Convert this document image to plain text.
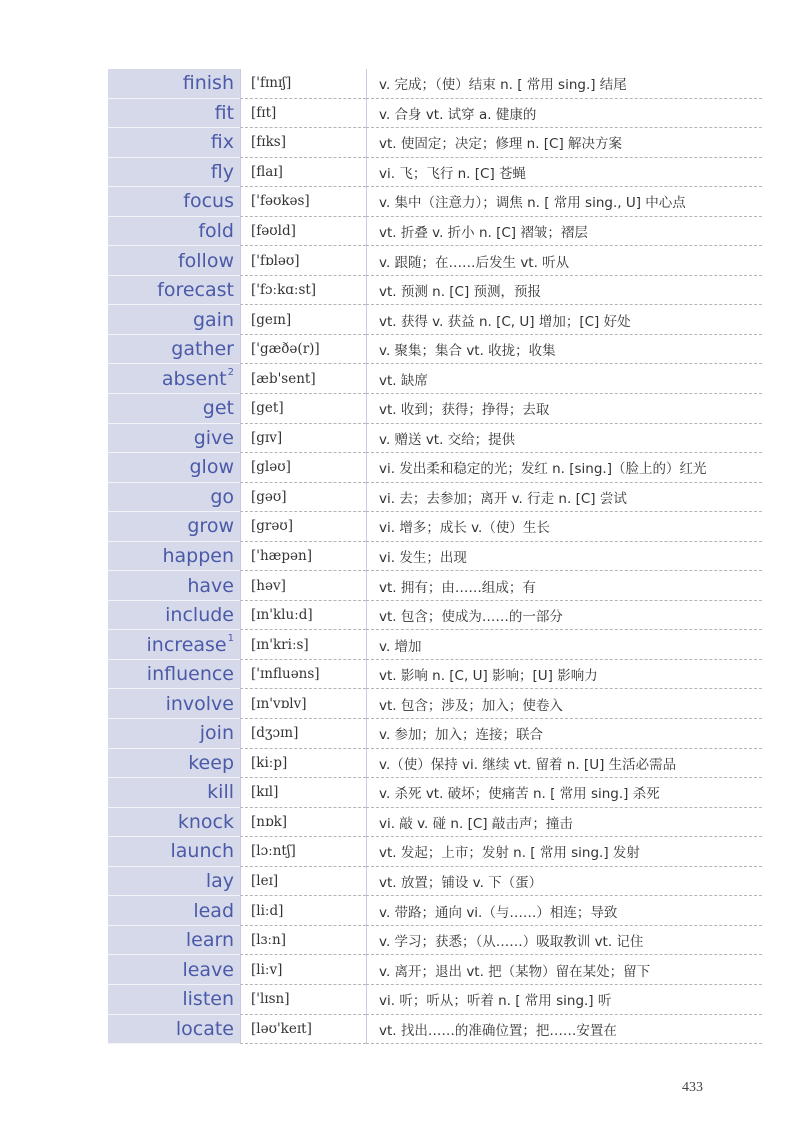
finish	['fɪnɪʃ]	v. 完成；（使）结束 n. [ 常用 sing.] 结尾
fit	[fɪt]	v. 合身 vt. 试穿 a. 健康的
fix	[fɪks]	vt. 使固定；决定；修理 n. [C] 解决方案
fly	[flaɪ]	vi. 飞；飞行 n. [C] 苍蝇
focus	['fəʊkəs]	v. 集中（注意力）；调焦 n. [ 常用 sing., U] 中心点
fold	[fəʊld]	vt. 折叠 v. 折小 n. [C] 褶皱；褶层
follow	['fɒləʊ]	v. 跟随；在……后发生 vt. 听从
forecast	['fɔːkɑːst]	vt. 预测 n. [C] 预测，预报
gain	[geɪn]	vt. 获得 v. 获益 n. [C, U] 增加；[C] 好处
gather	['gæðə(r)]	v. 聚集；集合 vt. 收拢；收集
absent$^2$	[æb'sent]	vt. 缺席
get	[get]	vt. 收到；获得；挣得；去取
give	[gɪv]	v. 赠送 vt. 交给；提供
glow	[gləʊ]	vi. 发出柔和稳定的光；发红 n. [sing.]（脸上的）红光
go	[gəʊ]	vi. 去；去参加；离开 v. 行走 n. [C] 尝试
grow	[grəʊ]	vi. 增多；成长 v.（使）生长
happen	['hæpən]	vi. 发生；出现
have	[həv]	vt. 拥有；由……组成；有
include	[ɪn'kluːd]	vt. 包含；使成为……的一部分
increase$^1$	[ɪn'kriːs]	v. 增加
influence	['ɪnfluəns]	vt. 影响 n. [C, U] 影响；[U] 影响力
involve	[ɪn'vɒlv]	vt. 包含；涉及；加入；使卷入
join	[dʒɔɪn]	v. 参加；加入；连接；联合
keep	[kiːp]	v.（使）保持 vi. 继续 vt. 留着 n. [U] 生活必需品
kill	[kɪl]	v. 杀死 vt. 破坏；使痛苦 n. [ 常用 sing.] 杀死
knock	[nɒk]	vi. 敲 v. 碰 n. [C] 敲击声；撞击
launch	[lɔːntʃ]	vt. 发起；上市；发射 n. [ 常用 sing.] 发射
lay	[leɪ]	vt. 放置；铺设 v. 下（蛋）
lead	[liːd]	v. 带路；通向 vi.（与……）相连；导致
learn	[lɜːn]	v. 学习；获悉；（从……）吸取教训 vt. 记住
leave	[liːv]	v. 离开；退出 vt. 把（某物）留在某处；留下
listen	['lɪsn]	vi. 听；听从；听着 n. [ 常用 sing.] 听
locate	[ləʊ'keɪt]	vt. 找出……的准确位置；把……安置在
433
